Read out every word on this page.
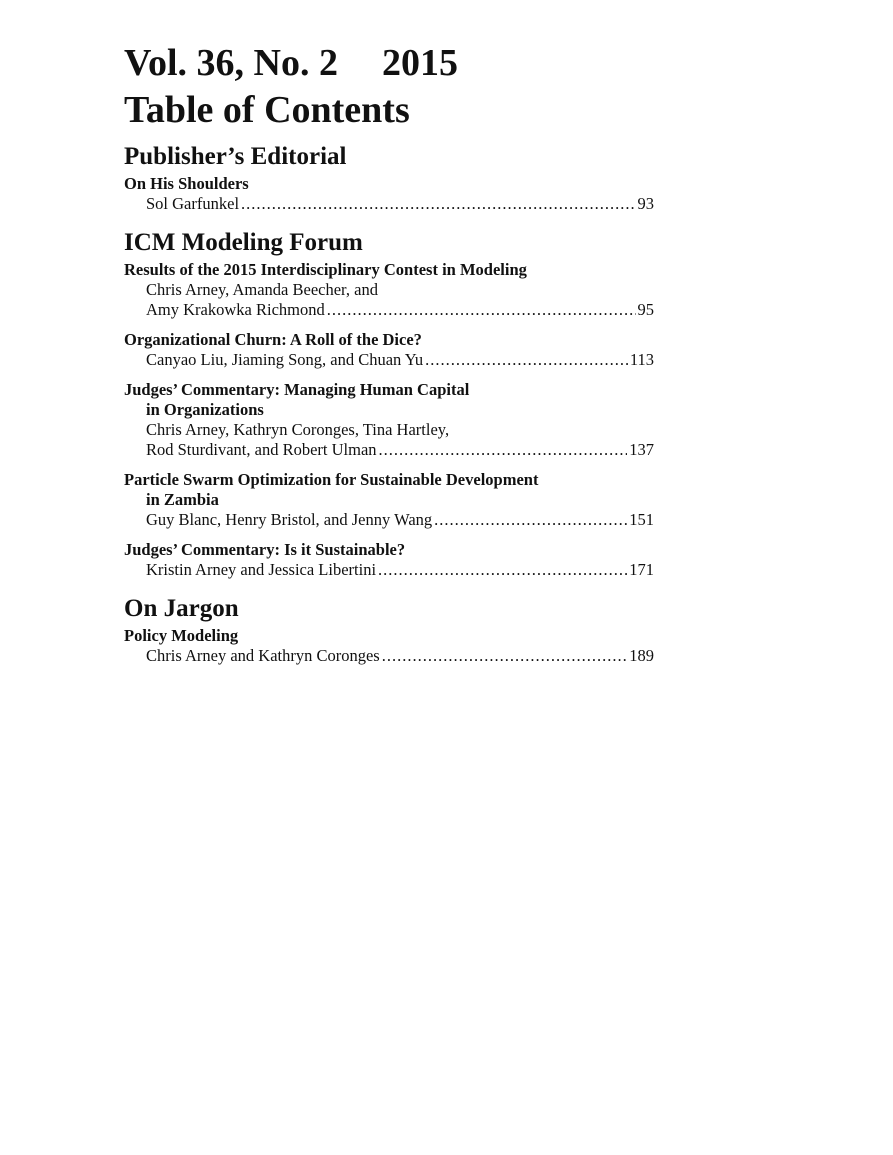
Vol. 36, No. 2 2015
Table of Contents
Publisher’s Editorial
On His Shoulders
Sol Garfunkel .....	93
ICM Modeling Forum
Results of the 2015 Interdisciplinary Contest in Modeling
Chris Arney, Amanda Beecher, and
Amy Krakowka Richmond .....	95
Organizational Churn: A Roll of the Dice?
Canyao Liu, Jiaming Song, and Chuan Yu .....	113
Judges’ Commentary: Managing Human Capital
in Organizations
Chris Arney, Kathryn Coronges, Tina Hartley,
Rod Sturdivant, and Robert Ulman .....	137
Particle Swarm Optimization for Sustainable Development
in Zambia
Guy Blanc, Henry Bristol, and Jenny Wang .....	151
Judges’ Commentary: Is it Sustainable?
Kristin Arney and Jessica Libertini .....	171
On Jargon
Policy Modeling
Chris Arney and Kathryn Coronges .....	189
